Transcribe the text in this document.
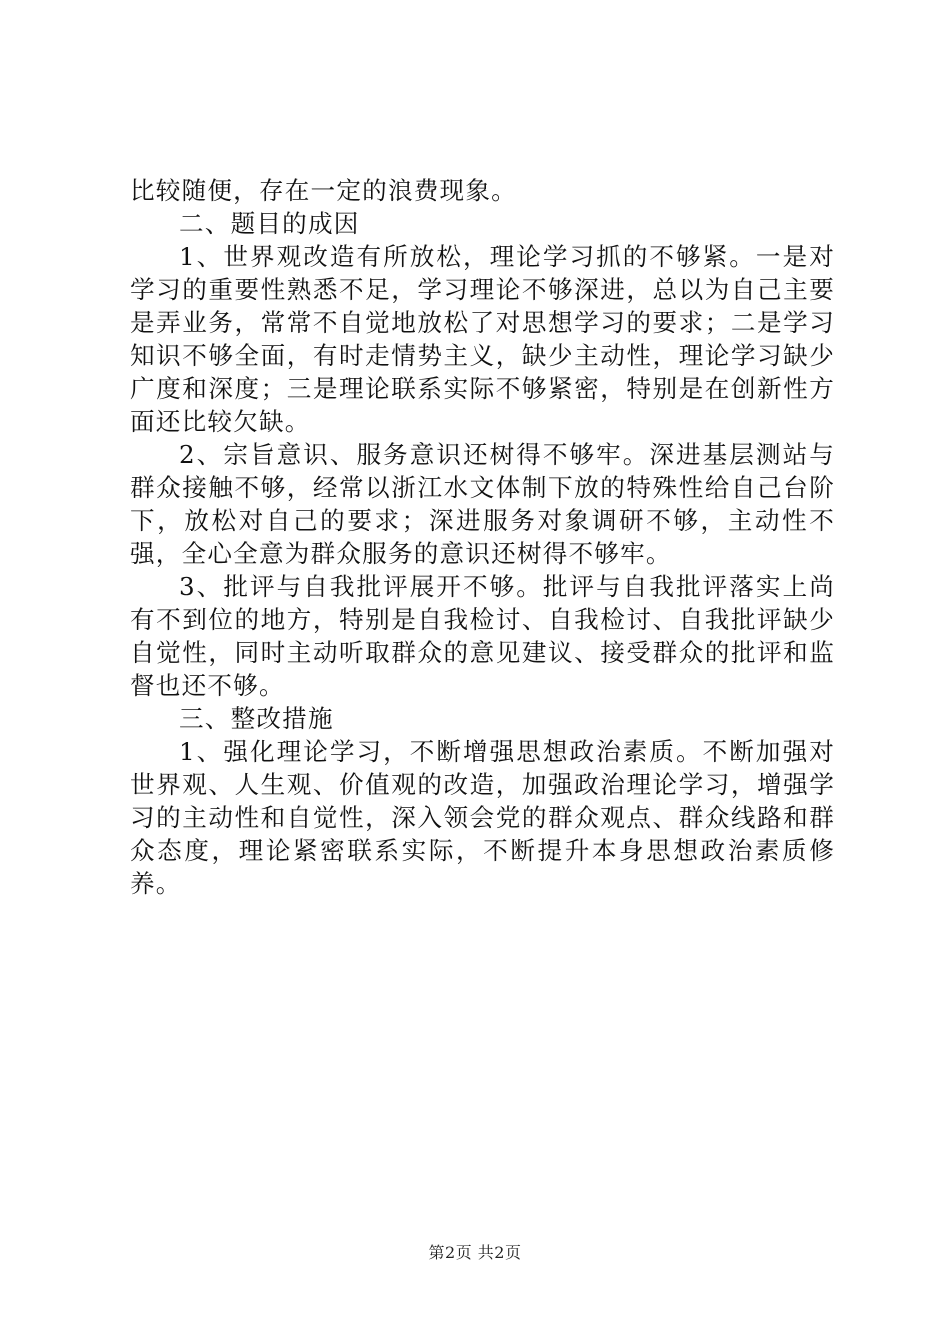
比较随便，存在一定的浪费现象。

二、题目的成因

1、世界观改造有所放松，理论学习抓的不够紧。一是对学习的重要性熟悉不足，学习理论不够深进，总以为自己主要是弄业务，常常不自觉地放松了对思想学习的要求；二是学习知识不够全面，有时走情势主义，缺少主动性，理论学习缺少广度和深度；三是理论联系实际不够紧密，特别是在创新性方面还比较欠缺。

2、宗旨意识、服务意识还树得不够牢。深进基层测站与群众接触不够，经常以浙江水文体制下放的特殊性给自己台阶下，放松对自己的要求；深进服务对象调研不够，主动性不强，全心全意为群众服务的意识还树得不够牢。

3、批评与自我批评展开不够。批评与自我批评落实上尚有不到位的地方，特别是自我检讨、自我检讨、自我批评缺少自觉性，同时主动听取群众的意见建议、接受群众的批评和监督也还不够。

三、整改措施

1、强化理论学习，不断增强思想政治素质。不断加强对世界观、人生观、价值观的改造，加强政治理论学习，增强学习的主动性和自觉性，深入领会党的群众观点、群众线路和群众态度，理论紧密联系实际，不断提升本身思想政治素质修养。

第2页 共2页
